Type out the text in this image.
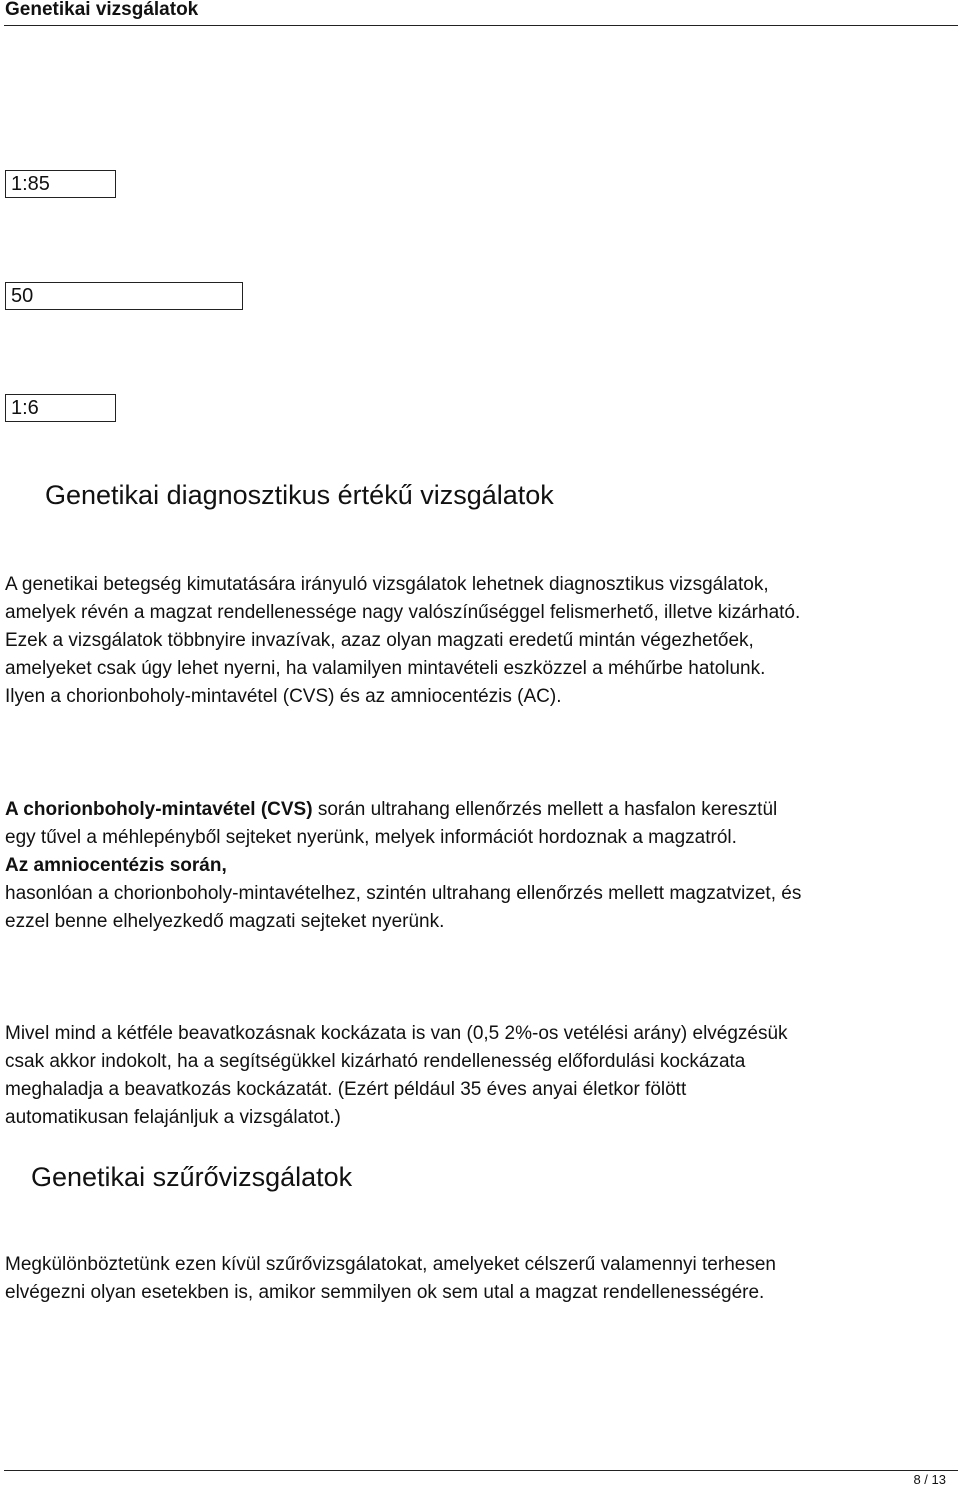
Genetikai vizsgálatok
1:85
50
1:6
Genetikai diagnosztikus értékű vizsgálatok
A genetikai betegség kimutatására irányuló vizsgálatok lehetnek diagnosztikus vizsgálatok,
amelyek révén a magzat rendellenessége nagy valószínűséggel felismerhető, illetve kizárható.
Ezek a vizsgálatok többnyire invazívak, azaz olyan magzati eredetű mintán végezhetőek,
amelyeket csak úgy lehet nyerni, ha valamilyen mintavételi eszközzel a méhűrbe hatolunk.
Ilyen a chorionboholy-mintavétel (CVS) és az amniocentézis (AC).
A chorionboholy-mintavétel (CVS) során ultrahang ellenőrzés mellett a hasfalon keresztül
egy tűvel a méhlepényből sejteket nyerünk, melyek információt hordoznak a magzatról.
Az amniocentézis során,
hasonlóan a chorionboholy-mintavételhez, szintén ultrahang ellenőrzés mellett magzatvizet, és
ezzel benne elhelyezkedő magzati sejteket nyerünk.
Mivel mind a kétféle beavatkozásnak kockázata is van (0,5 2%-os vetélési arány) elvégzésük
csak akkor indokolt, ha a segítségükkel kizárható rendellenesség előfordulási kockázata
meghaladja a beavatkozás kockázatát. (Ezért például 35 éves anyai életkor fölött
automatikusan felajánljuk a vizsgálatot.)
Genetikai szűrővizsgálatok
Megkülönböztetünk ezen kívül szűrővizsgálatokat, amelyeket célszerű valamennyi terhesen
elvégezni olyan esetekben is, amikor semmilyen ok sem utal a magzat rendellenességére.
8 / 13
